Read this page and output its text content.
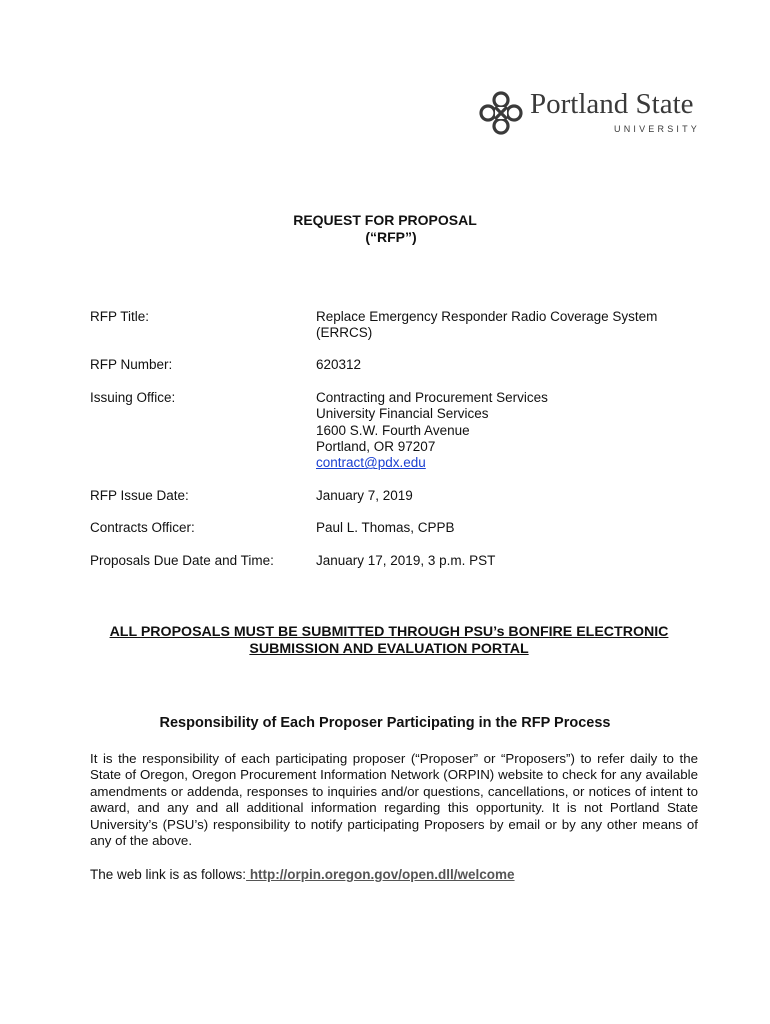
Portland State
UNIVERSITY
REQUEST FOR PROPOSAL
(“RFP”)
RFP Title:	Replace Emergency Responder Radio Coverage System
(ERRCS)
RFP Number:	620312
Issuing Office:	Contracting and Procurement Services
University Financial Services
1600 S.W. Fourth Avenue
Portland, OR 97207
contract@pdx.edu
RFP Issue Date:	January 7, 2019
Contracts Officer:	Paul L. Thomas, CPPB
Proposals Due Date and Time:	January 17, 2019, 3 p.m. PST
ALL PROPOSALS MUST BE SUBMITTED THROUGH PSU’s BONFIRE ELECTRONIC
SUBMISSION AND EVALUATION PORTAL
Responsibility of Each Proposer Participating in the RFP Process
It is the responsibility of each participating proposer (“Proposer” or “Proposers”) to refer daily to the State of Oregon, Oregon Procurement Information Network (ORPIN) website to check for any available amendments or addenda, responses to inquiries and/or questions, cancellations, or notices of intent to award, and any and all additional information regarding this opportunity. It is not Portland State University’s (PSU’s) responsibility to notify participating Proposers by email or by any other means of any of the above.
The web link is as follows: http://orpin.oregon.gov/open.dll/welcome
